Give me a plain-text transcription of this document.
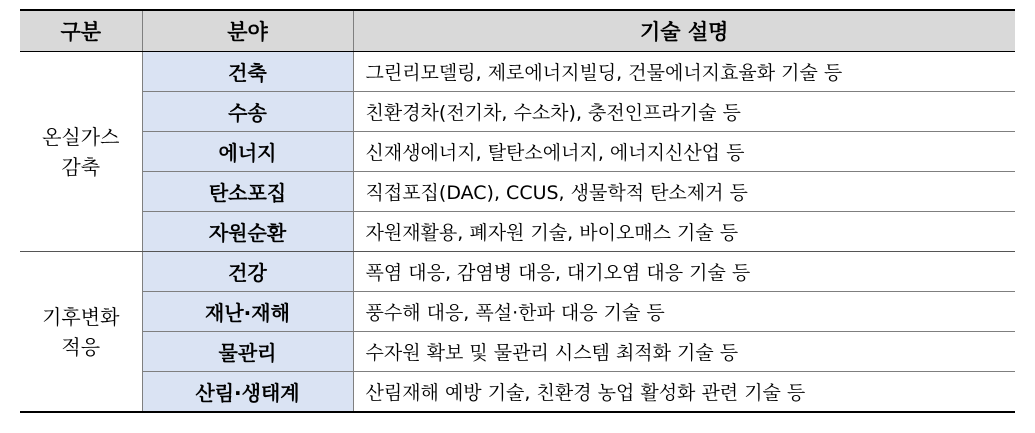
구분	분야	기술 설명
온실가스
감축	건축	그린리모델링, 제로에너지빌딩, 건물에너지효율화 기술 등
	수송	친환경차(전기차, 수소차), 충전인프라기술 등
	에너지	신재생에너지, 탈탄소에너지, 에너지신산업 등
	탄소포집	직접포집(DAC), CCUS, 생물학적 탄소제거 등
	자원순환	자원재활용, 폐자원 기술, 바이오매스 기술 등
기후변화
적응	건강	폭염 대응, 감염병 대응, 대기오염 대응 기술 등
	재난·재해	풍수해 대응, 폭설·한파 대응 기술 등
	물관리	수자원 확보 및 물관리 시스템 최적화 기술 등
	산림·생태계	산림재해 예방 기술, 친환경 농업 활성화 관련 기술 등
